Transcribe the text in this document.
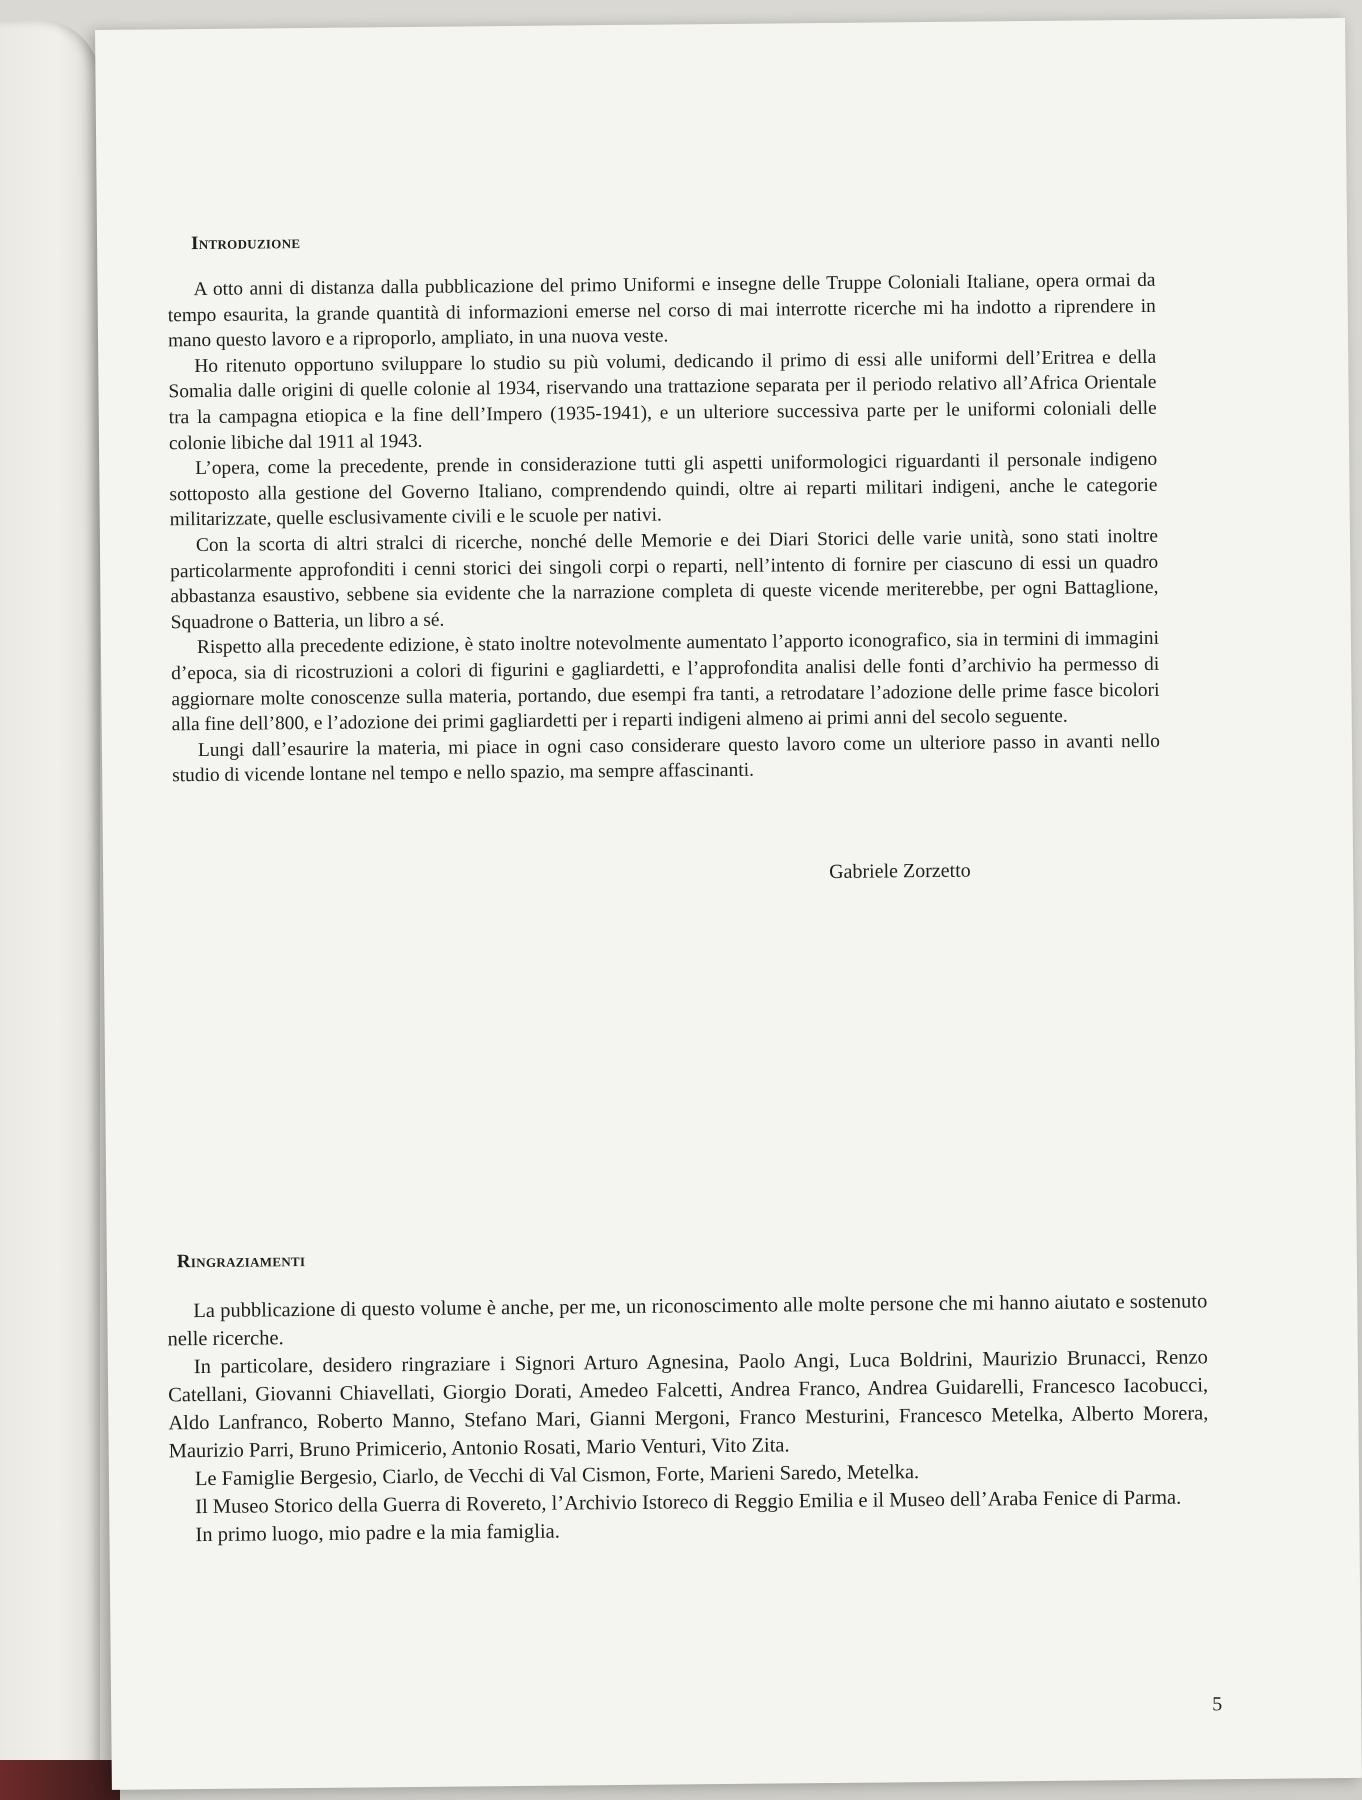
Introduzione

A otto anni di distanza dalla pubblicazione del primo Uniformi e insegne delle Truppe Coloniali Italiane, opera ormai da tempo esaurita, la grande quantità di informazioni emerse nel corso di mai interrotte ricerche mi ha indotto a riprendere in mano questo lavoro e a riproporlo, ampliato, in una nuova veste.

Ho ritenuto opportuno sviluppare lo studio su più volumi, dedicando il primo di essi alle uniformi dell’Eritrea e della Somalia dalle origini di quelle colonie al 1934, riservando una trattazione separata per il periodo relativo all’Africa Orientale tra la campagna etiopica e la fine dell’Impero (1935-1941), e un ulteriore successiva parte per le uniformi coloniali delle colonie libiche dal 1911 al 1943.

L’opera, come la precedente, prende in considerazione tutti gli aspetti uniformologici riguardanti il personale indigeno sottoposto alla gestione del Governo Italiano, comprendendo quindi, oltre ai reparti militari indigeni, anche le categorie militarizzate, quelle esclusivamente civili e le scuole per nativi.

Con la scorta di altri stralci di ricerche, nonché delle Memorie e dei Diari Storici delle varie unità, sono stati inoltre particolarmente approfonditi i cenni storici dei singoli corpi o reparti, nell’intento di fornire per ciascuno di essi un quadro abbastanza esaustivo, sebbene sia evidente che la narrazione completa di queste vicende meriterebbe, per ogni Battaglione, Squadrone o Batteria, un libro a sé.

Rispetto alla precedente edizione, è stato inoltre notevolmente aumentato l’apporto iconografico, sia in termini di immagini d’epoca, sia di ricostruzioni a colori di figurini e gagliardetti, e l’approfondita analisi delle fonti d’archivio ha permesso di aggiornare molte conoscenze sulla materia, portando, due esempi fra tanti, a retrodatare l’adozione delle prime fasce bicolori alla fine dell’800, e l’adozione dei primi gagliardetti per i reparti indigeni almeno ai primi anni del secolo seguente.

Lungi dall’esaurire la materia, mi piace in ogni caso considerare questo lavoro come un ulteriore passo in avanti nello studio di vicende lontane nel tempo e nello spazio, ma sempre affascinanti.

Gabriele Zorzetto
Ringraziamenti

La pubblicazione di questo volume è anche, per me, un riconoscimento alle molte persone che mi hanno aiutato e sostenuto nelle ricerche.

In particolare, desidero ringraziare i Signori Arturo Agnesina, Paolo Angi, Luca Boldrini, Maurizio Brunacci, Renzo Catellani, Giovanni Chiavellati, Giorgio Dorati, Amedeo Falcetti, Andrea Franco, Andrea Guidarelli, Francesco Iacobucci, Aldo Lanfranco, Roberto Manno, Stefano Mari, Gianni Mergoni, Franco Mesturini, Francesco Metelka, Alberto Morera, Maurizio Parri, Bruno Primicerio, Antonio Rosati, Mario Venturi, Vito Zita.

Le Famiglie Bergesio, Ciarlo, de Vecchi di Val Cismon, Forte, Marieni Saredo, Metelka.

Il Museo Storico della Guerra di Rovereto, l’Archivio Istoreco di Reggio Emilia e il Museo dell’Araba Fenice di Parma.

In primo luogo, mio padre e la mia famiglia.

5
